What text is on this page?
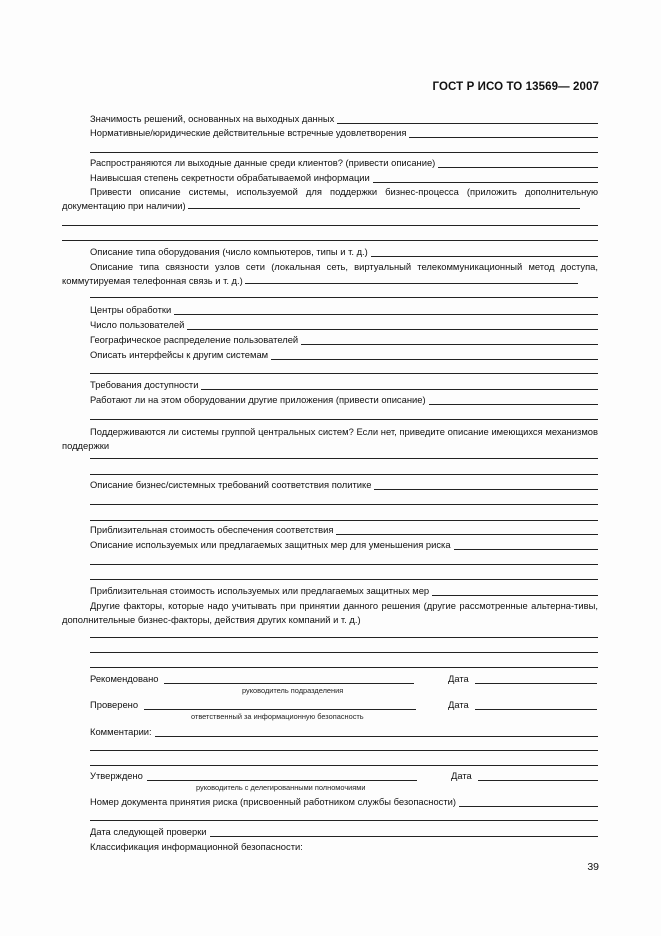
ГОСТ Р ИСО ТО 13569— 2007
Значимость решений, основанных на выходных данных
Нормативные/юридические действительные встречные удовлетворения
Распространяются ли выходные данные среди клиентов? (привести описание)
Наивысшая степень секретности обрабатываемой информации
Привести описание системы, используемой для поддержки бизнес-процесса (приложить дополнительную документацию при наличии)
Описание типа оборудования (число компьютеров, типы и т. д.)
Описание типа связности узлов сети (локальная сеть, виртуальный телекоммуникационный метод доступа, коммутируемая телефонная связь и т. д.)
Центры обработки
Число пользователей
Географическое распределение пользователей
Описать интерфейсы к другим системам
Требования доступности
Работают ли на этом оборудовании другие приложения (привести описание)
Поддерживаются ли системы группой центральных систем? Если нет, приведите описание имеющихся механизмов поддержки
Описание бизнес/системных требований соответствия политике
Приблизительная стоимость обеспечения соответствия
Описание используемых или предлагаемых защитных мер для уменьшения риска
Приблизительная стоимость используемых или предлагаемых защитных мер
Другие факторы, которые надо учитывать при принятии данного решения (другие рассмотренные альтерна-тивы, дополнительные бизнес-факторы, действия других компаний и т. д.)
Рекомендовано	Дата
руководитель подразделения
Проверено	Дата
ответственный за информационную безопасность
Комментарии:
Утверждено	Дата
руководитель с делегированными полномочиями
Номер документа принятия риска (присвоенный работником службы безопасности)
Дата следующей проверки
Классификация информационной безопасности:
39
